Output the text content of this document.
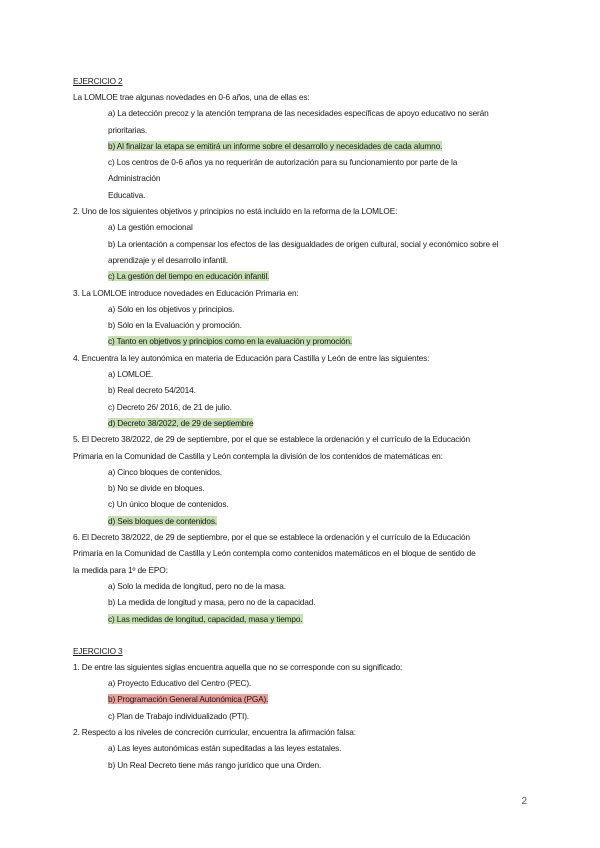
EJERCICIO 2
La LOMLOE trae algunas novedades en 0-6 años, una de ellas es:
a) La detección precoz y la atención temprana de las necesidades específicas de apoyo educativo no serán
prioritarias.
b) Al finalizar la etapa se emitirá un informe sobre el desarrollo y necesidades de cada alumno.
c) Los centros de 0-6 años ya no requerirán de autorización para su funcionamiento por parte de la
Administración
Educativa.
2. Uno de los siguientes objetivos y principios no está incluido en la reforma de la LOMLOE:
a) La gestión emocional
b) La orientación a compensar los efectos de las desigualdades de origen cultural, social y económico sobre el
aprendizaje y el desarrollo infantil.
c) La gestión del tiempo en educación infantil.
3. La LOMLOE introduce novedades en Educación Primaria en:
a) Sólo en los objetivos y principios.
b) Sólo en la Evaluación y promoción.
c) Tanto en objetivos y principios como en la evaluación y promoción.
4. Encuentra la ley autonómica en materia de Educación para Castilla y León de entre las siguientes:
a) LOMLOE.
b) Real decreto 54/2014.
c) Decreto 26/ 2016, de 21 de julio.
d) Decreto 38/2022, de 29 de septiembre
5. El Decreto 38/2022, de 29 de septiembre, por el que se establece la ordenación y el currículo de la Educación
Primaria en la Comunidad de Castilla y León contempla la división de los contenidos de matemáticas en:
a) Cinco bloques de contenidos.
b) No se divide en bloques.
c) Un único bloque de contenidos.
d) Seis bloques de contenidos.
6. El Decreto 38/2022, de 29 de septiembre, por el que se establece la ordenación y el currículo de la Educación
Primaria en la Comunidad de Castilla y León contempla como contenidos matemáticos en el bloque de sentido de
la medida para 1º de EPO:
a) Solo la medida de longitud, pero no de la masa.
b) La medida de longitud y masa, pero no de la capacidad.
c) Las medidas de longitud, capacidad, masa y tiempo.
EJERCICIO 3
1. De entre las siguientes siglas encuentra aquella que no se corresponde con su significado:
a) Proyecto Educativo del Centro (PEC).
b) Programación General Autonómica (PGA).
c) Plan de Trabajo individualizado (PTI).
2. Respecto a los niveles de concreción curricular, encuentra la afirmación falsa:
a) Las leyes autonómicas están supeditadas a las leyes estatales.
b) Un Real Decreto tiene más rango jurídico que una Orden.
2
